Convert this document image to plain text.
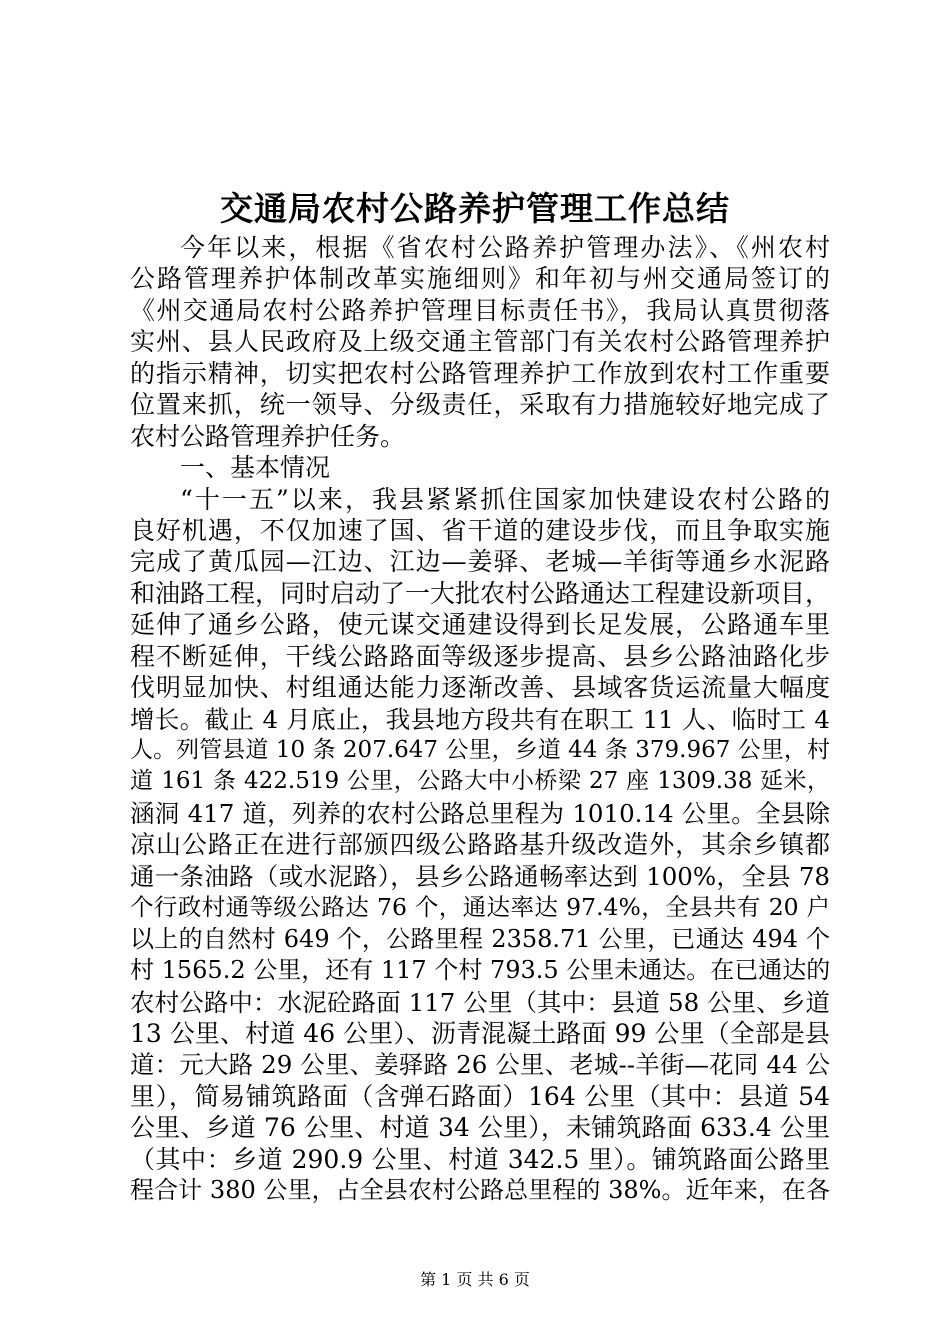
交通局农村公路养护管理工作总结
今年以来，根据《省农村公路养护管理办法》、《州农村
公路管理养护体制改革实施细则》和年初与州交通局签订的
《州交通局农村公路养护管理目标责任书》，我局认真贯彻落
实州、县人民政府及上级交通主管部门有关农村公路管理养护
的指示精神，切实把农村公路管理养护工作放到农村工作重要
位置来抓，统一领导、分级责任，采取有力措施较好地完成了
农村公路管理养护任务。
一、基本情况
“十一五”以来，我县紧紧抓住国家加快建设农村公路的
良好机遇，不仅加速了国、省干道的建设步伐，而且争取实施
完成了黄瓜园—江边、江边—姜驿、老城—羊街等通乡水泥路
和油路工程，同时启动了一大批农村公路通达工程建设新项目，
延伸了通乡公路，使元谋交通建设得到长足发展，公路通车里
程不断延伸，干线公路路面等级逐步提高、县乡公路油路化步
伐明显加快、村组通达能力逐渐改善、县域客货运流量大幅度
增长。截止 4 月底止，我县地方段共有在职工 11 人、临时工 4
人。列管县道 10 条 207.647 公里，乡道 44 条 379.967 公里，村
道 161 条 422.519 公里，公路大中小桥梁 27 座 1309.38 延米，
涵洞 417 道，列养的农村公路总里程为 1010.14 公里。全县除
凉山公路正在进行部颁四级公路路基升级改造外，其余乡镇都
通一条油路（或水泥路），县乡公路通畅率达到 100%，全县 78
个行政村通等级公路达 76 个，通达率达 97.4%，全县共有 20 户
以上的自然村 649 个，公路里程 2358.71 公里，已通达 494 个
村 1565.2 公里，还有 117 个村 793.5 公里未通达。在已通达的
农村公路中：水泥砼路面 117 公里（其中：县道 58 公里、乡道
13 公里、村道 46 公里）、沥青混凝土路面 99 公里（全部是县
道：元大路 29 公里、姜驿路 26 公里、老城--羊街—花同 44 公
里），简易铺筑路面（含弹石路面）164 公里（其中：县道 54
公里、乡道 76 公里、村道 34 公里），未铺筑路面 633.4 公里
（其中：乡道 290.9 公里、村道 342.5 里）。铺筑路面公路里
程合计 380 公里，占全县农村公路总里程的 38%。近年来，在各
第 1 页 共 6 页
